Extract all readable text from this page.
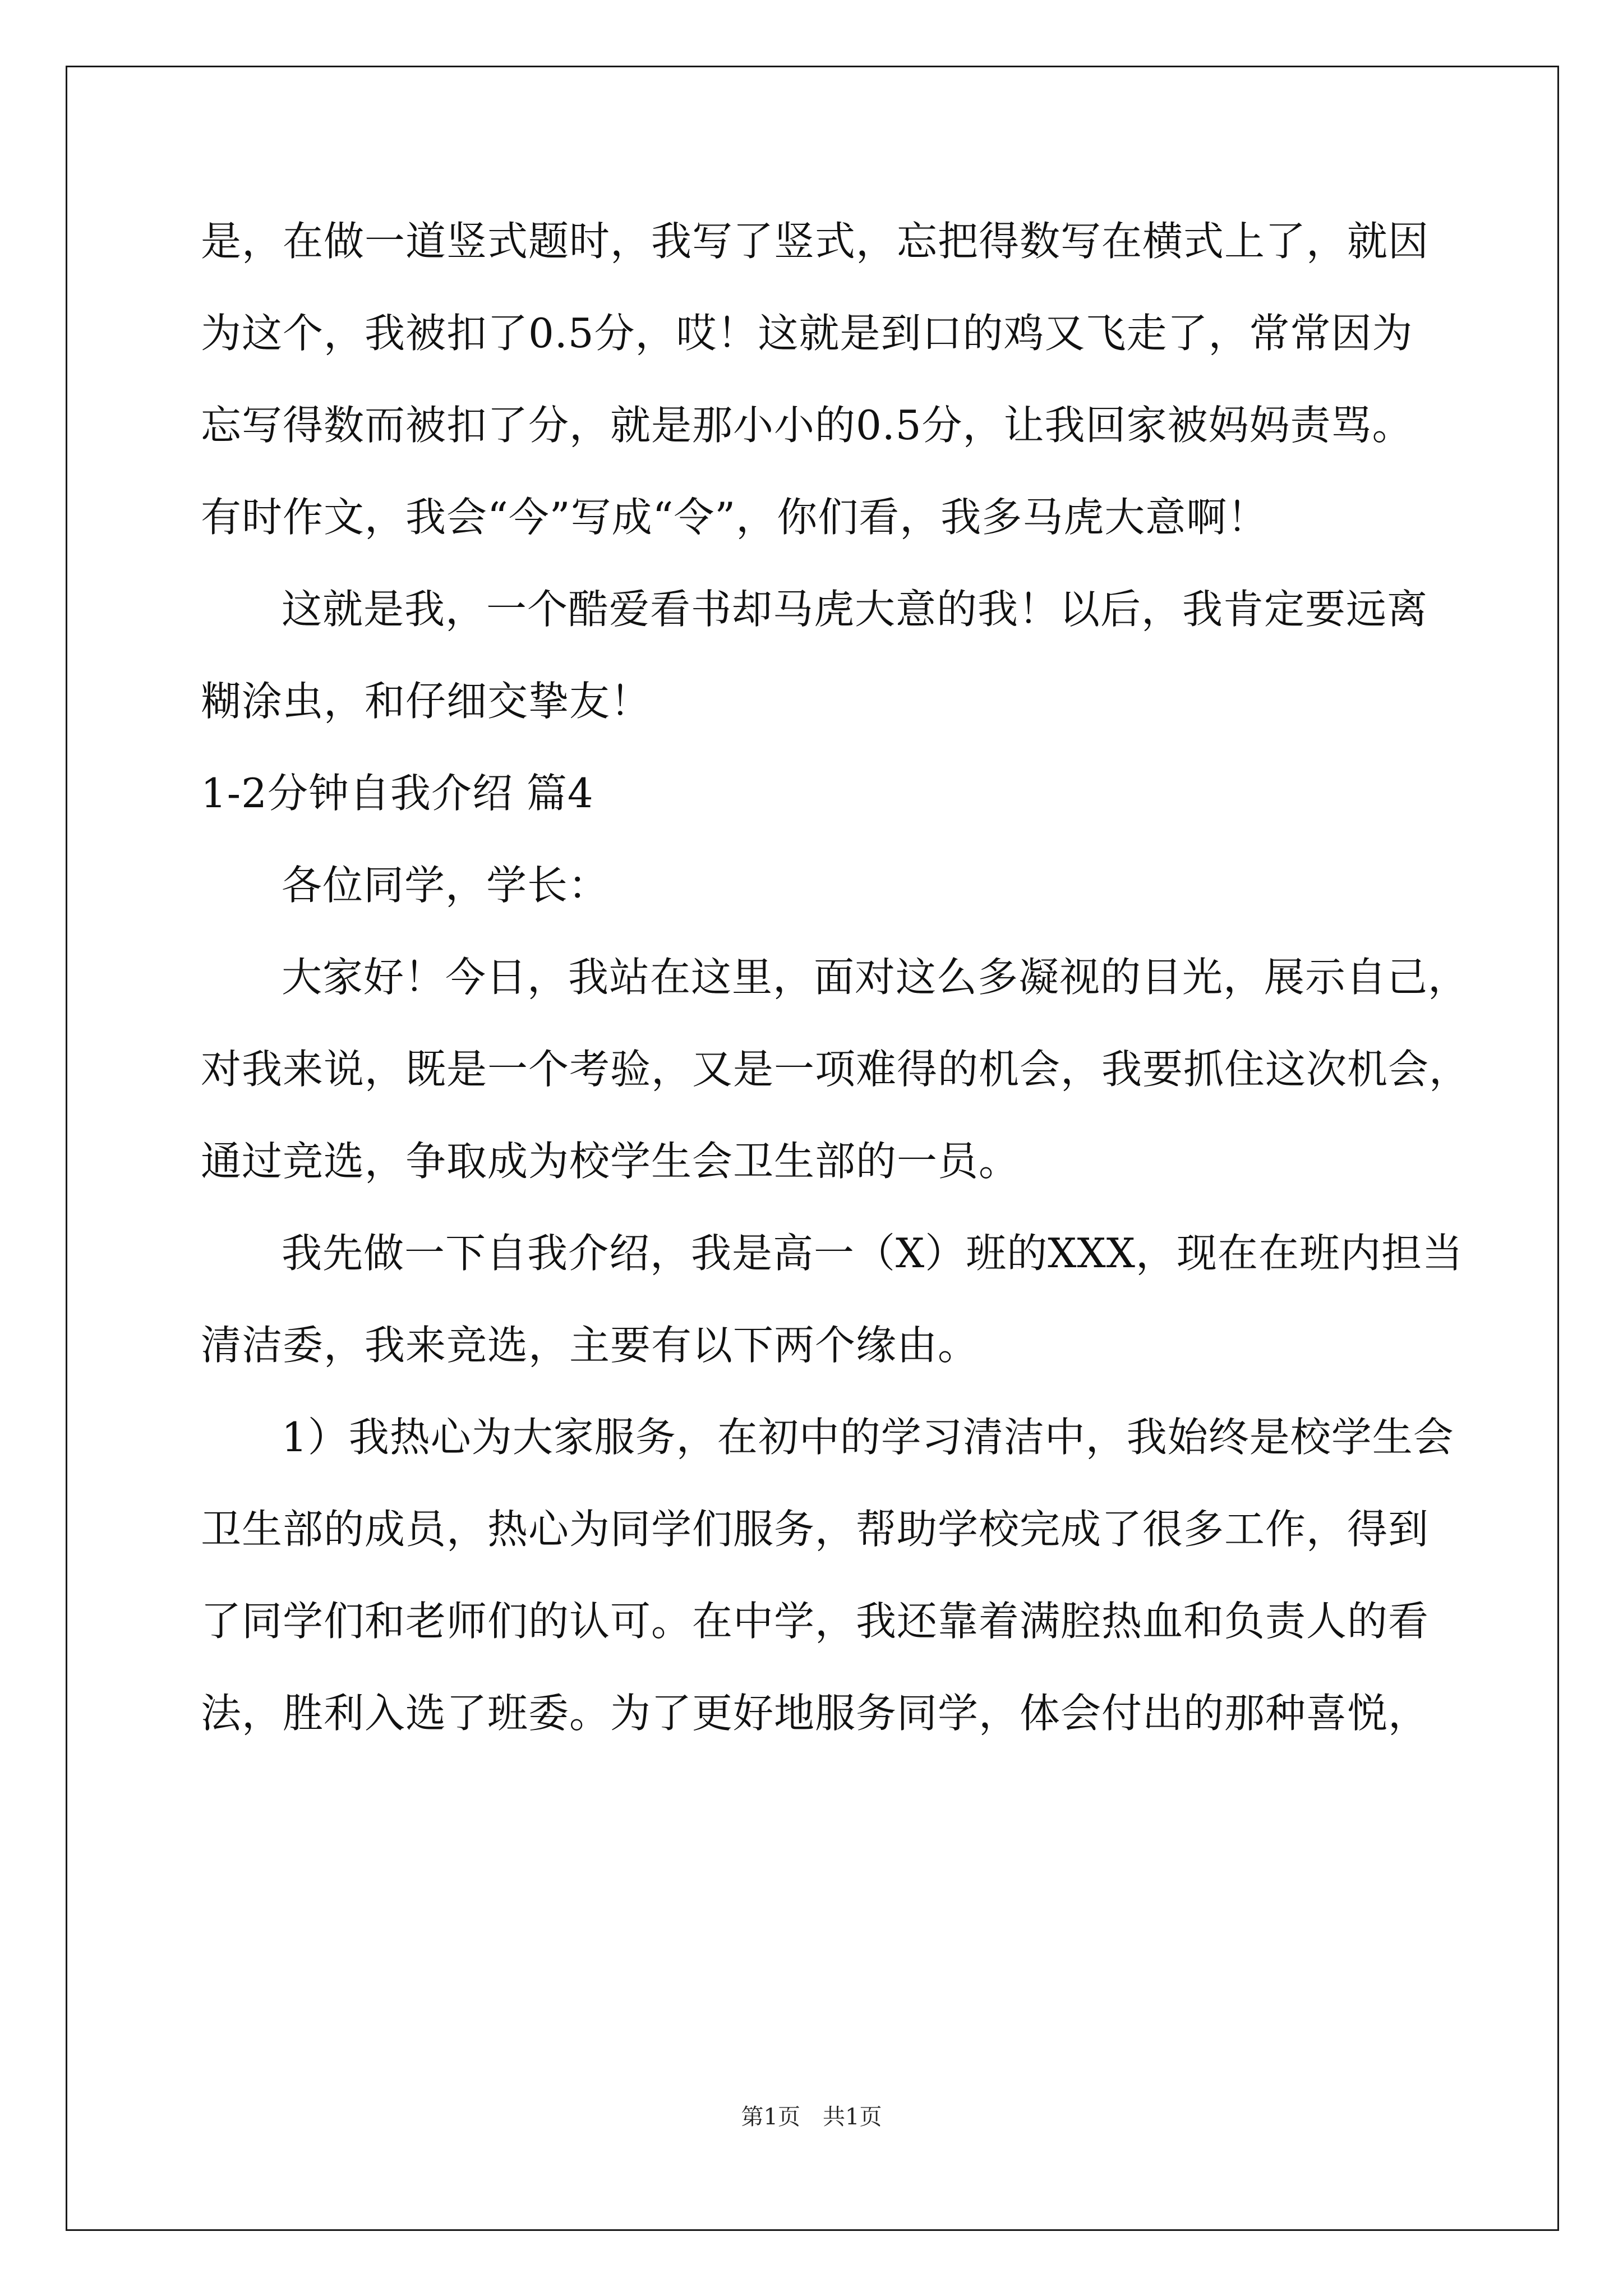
是，在做一道竖式题时，我写了竖式，忘把得数写在横式上了，就因
为这个，我被扣了0.5分，哎！这就是到口的鸡又飞走了，常常因为
忘写得数而被扣了分，就是那小小的0.5分，让我回家被妈妈责骂。
有时作文，我会“今”写成“令”，你们看，我多马虎大意啊！
这就是我，一个酷爱看书却马虎大意的我！以后，我肯定要远离
糊涂虫，和仔细交挚友！
1-2分钟自我介绍 篇4
各位同学，学长：
大家好！今日，我站在这里，面对这么多凝视的目光，展示自己，
对我来说，既是一个考验，又是一项难得的机会，我要抓住这次机会，
通过竞选，争取成为校学生会卫生部的一员。
我先做一下自我介绍，我是高一（X）班的XXX，现在在班内担当
清洁委，我来竞选，主要有以下两个缘由。
1）我热心为大家服务，在初中的学习清洁中，我始终是校学生会
卫生部的成员，热心为同学们服务，帮助学校完成了很多工作，得到
了同学们和老师们的认可。在中学，我还靠着满腔热血和负责人的看
法，胜利入选了班委。为了更好地服务同学，体会付出的那种喜悦，
第1页 共1页
